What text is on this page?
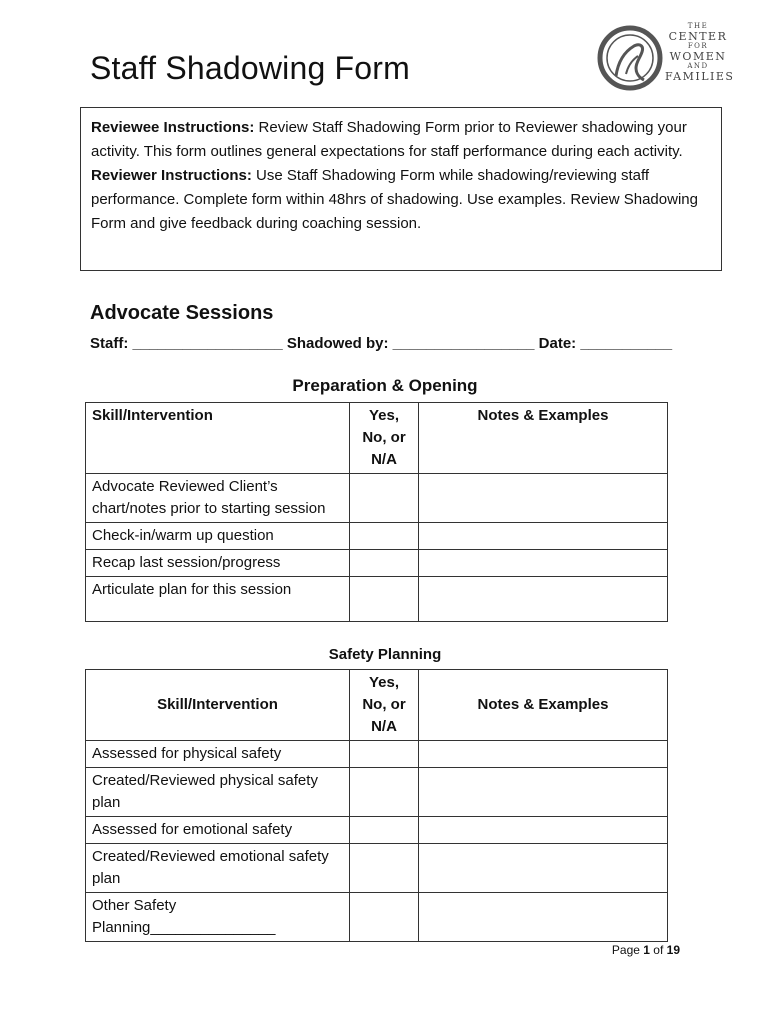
Staff Shadowing Form
THE
CENTER
FOR
WOMEN
AND
FAMILIES
Reviewee Instructions: Review Staff Shadowing Form prior to Reviewer shadowing your activity. This form outlines general expectations for staff performance during each activity.
Reviewer Instructions: Use Staff Shadowing Form while shadowing/reviewing staff performance. Complete form within 48hrs of shadowing. Use examples. Review Shadowing Form and give feedback during coaching session.
Advocate Sessions
Staff: __________________ Shadowed by: _________________ Date: ___________
Preparation & Opening
Skill/Intervention	Yes, No, or N/A	Notes & Examples
Advocate Reviewed Client’s chart/notes prior to starting session		
Check-in/warm up question		
Recap last session/progress		
Articulate plan for this session		
Safety Planning
Skill/Intervention	Yes, No, or N/A	Notes & Examples
Assessed for physical safety		
Created/Reviewed physical safety plan		
Assessed for emotional safety		
Created/Reviewed emotional safety plan		
Other Safety Planning_______________		
Page 1 of 19
